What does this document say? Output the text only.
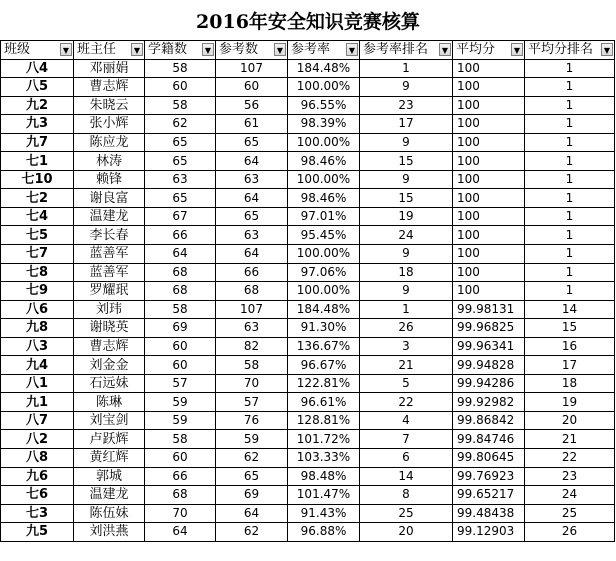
2016年安全知识竞赛核算
班级 ▼	班主任 ▼	学籍数 ▼	参考数 ▼	参考率 ▼	参考率排名 ▼	平均分 ▼	平均分排名 ▼

八4	邓丽娟	58	107	184.48%	1	100	1
八5	曹志辉	60	60	100.00%	9	100	1
九2	朱晓云	58	56	96.55%	23	100	1
九3	张小辉	62	61	98.39%	17	100	1
九7	陈应龙	65	65	100.00%	9	100	1
七1	林涛	65	64	98.46%	15	100	1
七10	赖锋	63	63	100.00%	9	100	1
七2	谢良富	65	64	98.46%	15	100	1
七4	温建龙	67	65	97.01%	19	100	1
七5	李长春	66	63	95.45%	24	100	1
七7	蓝善军	64	64	100.00%	9	100	1
七8	蓝善军	68	66	97.06%	18	100	1
七9	罗耀珉	68	68	100.00%	9	100	1
八6	刘玮	58	107	184.48%	1	99.98131	14
九8	谢晓英	69	63	91.30%	26	99.96825	15
八3	曹志辉	60	82	136.67%	3	99.96341	16
九4	刘金金	60	58	96.67%	21	99.94828	17
八1	石远妹	57	70	122.81%	5	99.94286	18
九1	陈琳	59	57	96.61%	22	99.92982	19
八7	刘宝剑	59	76	128.81%	4	99.86842	20
八2	卢跃辉	58	59	101.72%	7	99.84746	21
八8	黄红辉	60	62	103.33%	6	99.80645	22
九6	郭城	66	65	98.48%	14	99.76923	23
七6	温建龙	68	69	101.47%	8	99.65217	24
七3	陈伍妹	70	64	91.43%	25	99.48438	25
九5	刘洪燕	64	62	96.88%	20	99.12903	26
